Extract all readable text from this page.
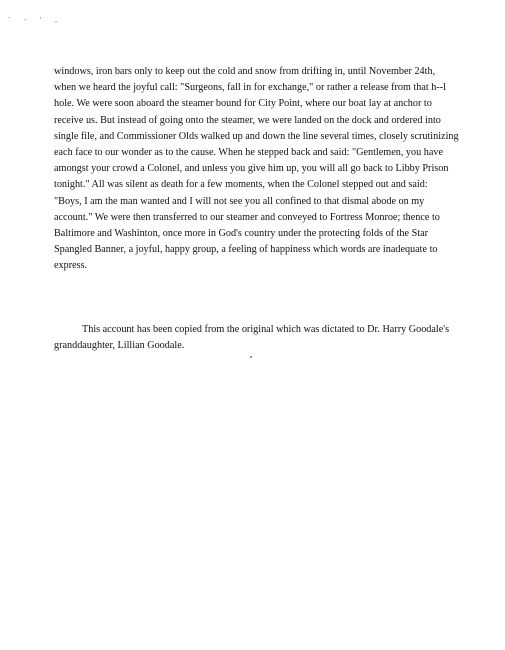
` · ' ,
windows, iron bars only to keep out the cold and snow from drifting in, until November 24th,
when we heard the joyful call: "Surgeons, fall in for exchange," or rather a release from that h--l
hole. We were soon aboard the steamer bound for City Point, where our boat lay at anchor to
receive us. But instead of going onto the steamer, we were landed on the dock and ordered into
single file, and Commissioner Olds walked up and down the line several times, closely scrutinizing
each face to our wonder as to the cause. When he stepped back and said: "Gentlemen, you have
amongst your crowd a Colonel, and unless you give him up, you will all go back to Libby Prison
tonight." All was silent as death for a few moments, when the Colonel stepped out and said:
"Boys, I am the man wanted and I will not see you all confined to that dismal abode on my
account." We were then transferred to our steamer and conveyed to Fortress Monroe; thence to
Baltimore and Washinton, once more in God's country under the protecting folds of the Star
Spangled Banner, a joyful, happy group, a feeling of happiness which words are inadequate to
express.
This account has been copied from the original which was dictated to Dr. Harry Goodale's
granddaughter, Lillian Goodale.
